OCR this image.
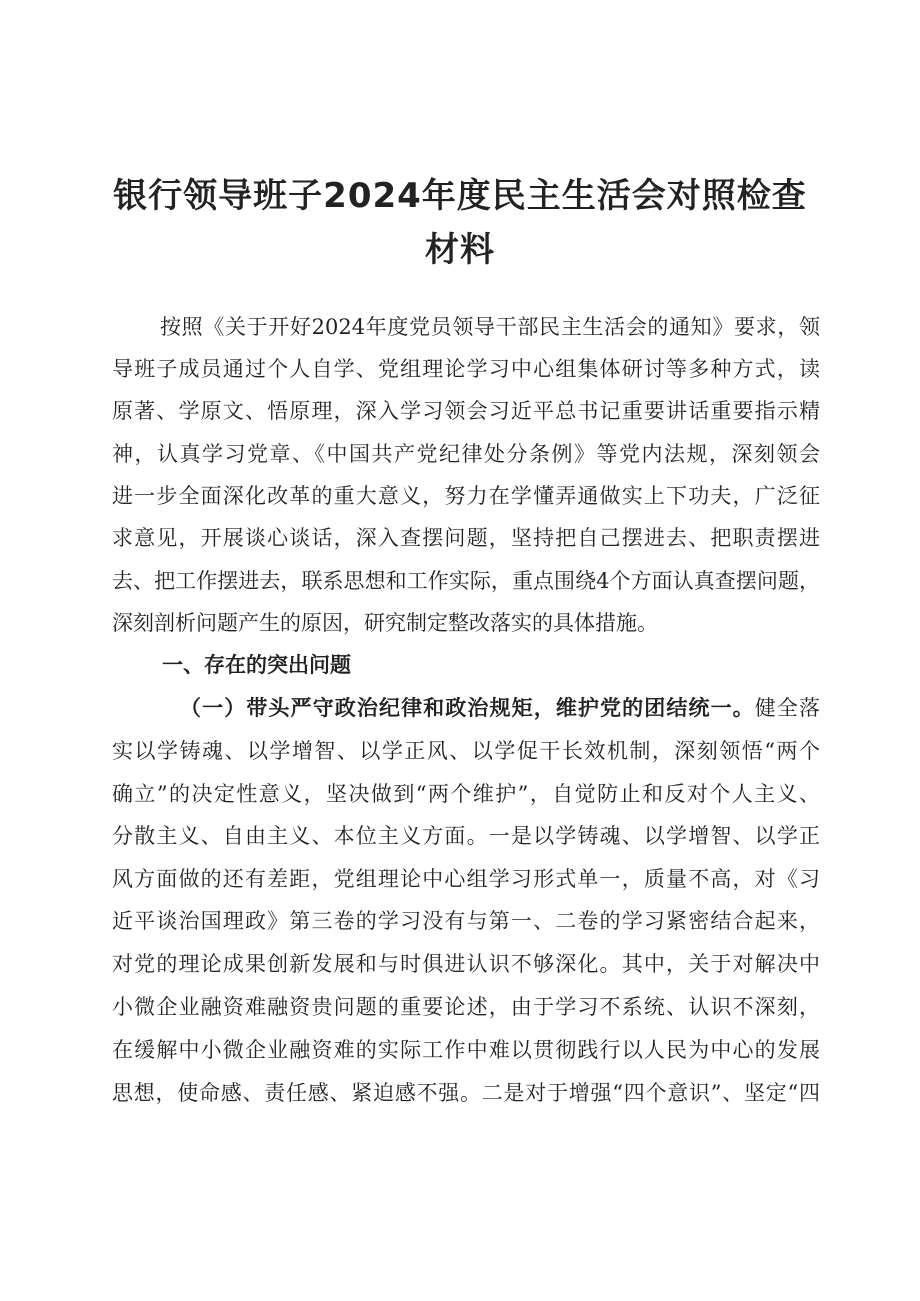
银行领导班子2024年度民主生活会对照检查
材料
按照《关于开好2024年度党员领导干部民主生活会的通知》要求，领
导班子成员通过个人自学、党组理论学习中心组集体研讨等多种方式，读
原著、学原文、悟原理，深入学习领会习近平总书记重要讲话重要指示精
神，认真学习党章、《中国共产党纪律处分条例》等党内法规，深刻领会
进一步全面深化改革的重大意义，努力在学懂弄通做实上下功夫，广泛征
求意见，开展谈心谈话，深入查摆问题，坚持把自己摆进去、把职责摆进
去、把工作摆进去，联系思想和工作实际，重点围绕4个方面认真查摆问题，
深刻剖析问题产生的原因，研究制定整改落实的具体措施。
一、存在的突出问题
（一）带头严守政治纪律和政治规矩，维护党的团结统一。健全落
实以学铸魂、以学增智、以学正风、以学促干长效机制，深刻领悟“两个
确立”的决定性意义，坚决做到“两个维护”，自觉防止和反对个人主义、
分散主义、自由主义、本位主义方面。一是以学铸魂、以学增智、以学正
风方面做的还有差距，党组理论中心组学习形式单一，质量不高，对《习
近平谈治国理政》第三卷的学习没有与第一、二卷的学习紧密结合起来，
对党的理论成果创新发展和与时俱进认识不够深化。其中，关于对解决中
小微企业融资难融资贵问题的重要论述，由于学习不系统、认识不深刻，
在缓解中小微企业融资难的实际工作中难以贯彻践行以人民为中心的发展
思想，使命感、责任感、紧迫感不强。二是对于增强“四个意识”、坚定“四
